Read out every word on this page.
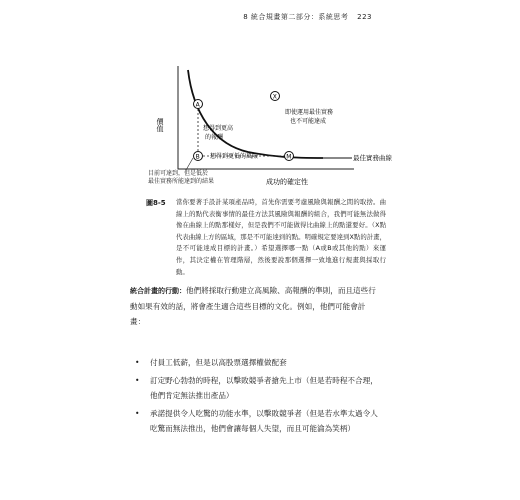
8 統合規畫第二部分：系統思考 223
價值
成功的確定性
最佳實務曲線
A
B	M
X
想得到更高 的報酬
想得到更低的風險
即使運用最佳實務 也不可能達成
目前可達到，但是低於
最佳實務所能達到的結果
圖8-5 當你要著手設計某項產品時，首先你需要考慮風險與報酬之間的取捨。曲線上的點代表衡事情的最佳方法其風險與報酬的組合，我們可能無法做得像在曲線上的點那樣好，但是我們不可能做得比曲線上的點還要好。（X點代表曲線上方的區域，那是不可能達到的點。明確規定要達到X點的計畫，是不可能達成目標的計畫。）希望選擇哪一點（A或B或其他的點）來運作，其決定權在管理階層，然後要說那個選擇一致地進行規畫與採取行動。
統合計畫的行動：他們將採取行動建立高風險、高報酬的準則，而且這些行動如果有效的話，將會產生適合這些目標的文化。例如，他們可能會計畫：
• 付員工低薪，但是以高股票選擇權做配套
• 訂定野心勃勃的時程，以擊敗競爭者搶先上市（但是若時程不合理，他們肯定無法推出產品）
• 承諾提供令人吃驚的功能水準，以擊敗競爭者（但是若水準太過令人吃驚而無法推出，他們會讓每個人失望，而且可能淪為笑柄）
